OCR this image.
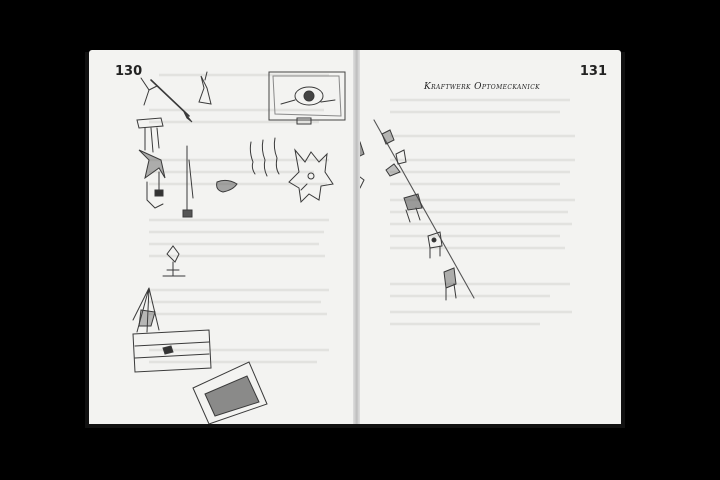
130	131
Kraftwerk Optomeckanick
